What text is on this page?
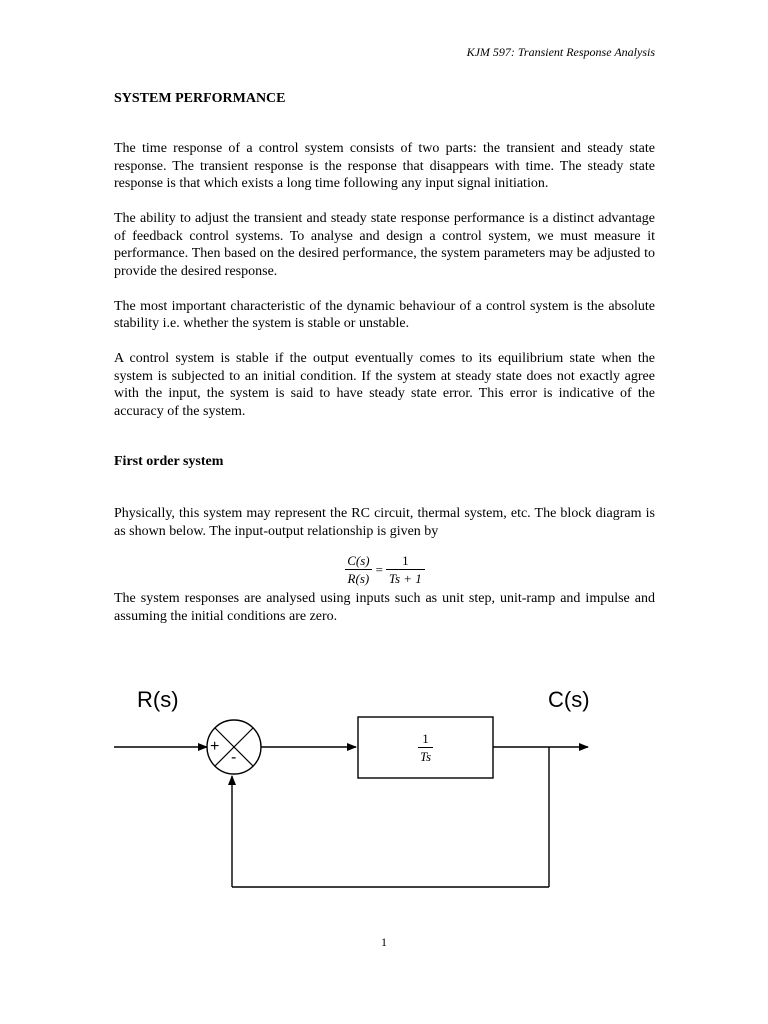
KJM 597: Transient Response Analysis

SYSTEM PERFORMANCE

The time response of a control system consists of two parts: the transient and steady state response. The transient response is the response that disappears with time. The steady state response is that which exists a long time following any input signal initiation.

The ability to adjust the transient and steady state response performance is a distinct advantage of feedback control systems. To analyse and design a control system, we must measure it performance. Then based on the desired performance, the system parameters may be adjusted to provide the desired response.

The most important characteristic of the dynamic behaviour of a control system is the absolute stability i.e. whether the system is stable or unstable.

A control system is stable if the output eventually comes to its equilibrium state when the system is subjected to an initial condition. If the system at steady state does not exactly agree with the input, the system is said to have steady state error. This error is indicative of the accuracy of the system.

First order system

Physically, this system may represent the RC circuit, thermal system, etc. The block diagram is as shown below. The input-output relationship is given by

$\frac{C(s)}{R(s)} = \frac{1}{Ts + 1}$

The system responses are analysed using inputs such as unit step, unit-ramp and impulse and assuming the initial conditions are zero.

R(s)	C(s)
+
-	$\frac{1}{Ts}$
1
